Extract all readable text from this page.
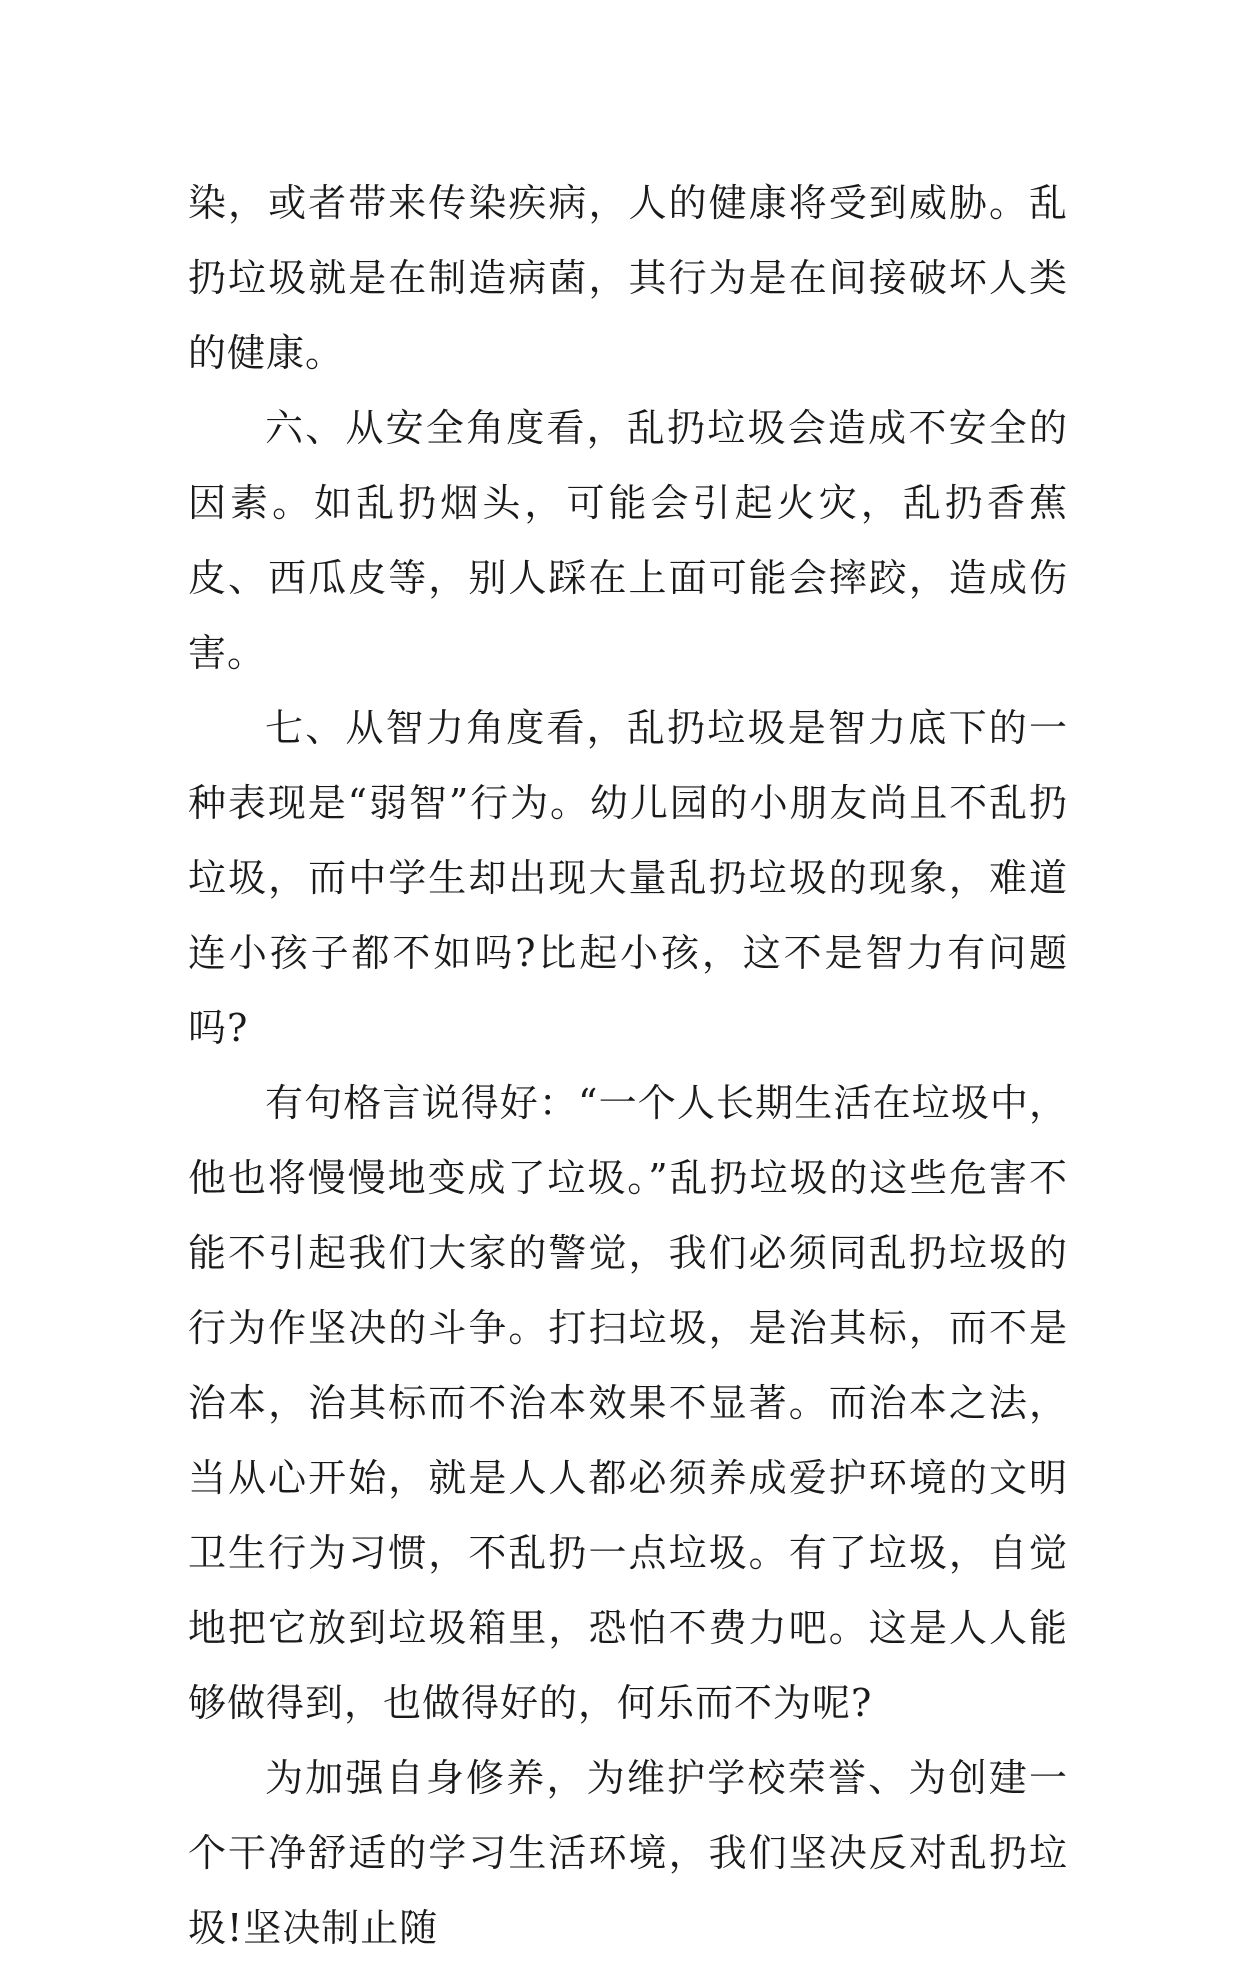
染，或者带来传染疾病，人的健康将受到威胁。乱扔垃圾就是在制造病菌，其行为是在间接破坏人类的健康。

六、从安全角度看，乱扔垃圾会造成不安全的因素。如乱扔烟头，可能会引起火灾，乱扔香蕉皮、西瓜皮等，别人踩在上面可能会摔跤，造成伤害。

七、从智力角度看，乱扔垃圾是智力底下的一种表现是“弱智”行为。幼儿园的小朋友尚且不乱扔垃圾，而中学生却出现大量乱扔垃圾的现象，难道连小孩子都不如吗?比起小孩，这不是智力有问题吗?

有句格言说得好：“一个人长期生活在垃圾中，他也将慢慢地变成了垃圾。”乱扔垃圾的这些危害不能不引起我们大家的警觉，我们必须同乱扔垃圾的行为作坚决的斗争。打扫垃圾，是治其标，而不是治本，治其标而不治本效果不显著。而治本之法，当从心开始，就是人人都必须养成爱护环境的文明卫生行为习惯，不乱扔一点垃圾。有了垃圾，自觉地把它放到垃圾箱里，恐怕不费力吧。这是人人能够做得到，也做得好的，何乐而不为呢?

为加强自身修养，为维护学校荣誉、为创建一个干净舒适的学习生活环境，我们坚决反对乱扔垃圾!坚决制止随
